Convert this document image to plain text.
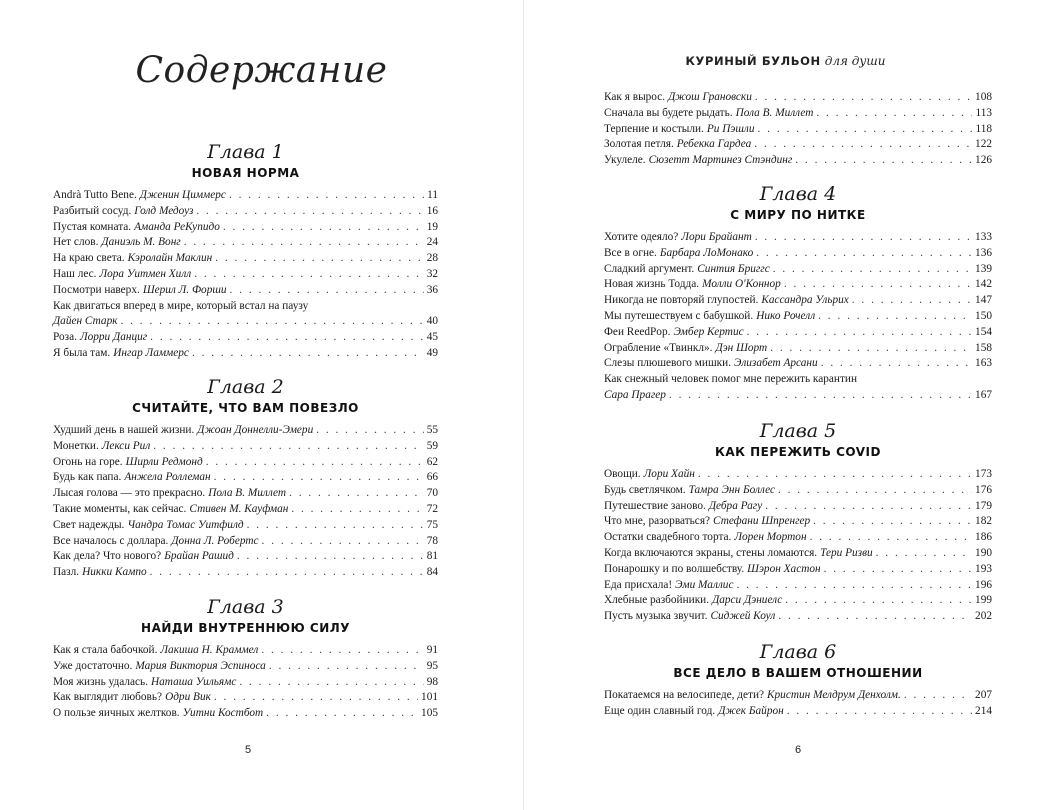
Содержание
Глава 1
НОВАЯ НОРМА
Andrà Tutto Bene. Дженин Циммерс . . .	11
Разбитый сосуд. Голд Медоуз . . .	16
Пустая комната. Аманда РеКупидо . . .	19
Нет слов. Даниэль М. Вонг . . .	24
На краю света. Кэролайн Маклин . . .	28
Наш лес. Лора Уитмен Хилл . . .	32
Посмотри наверх. Шерил Л. Форши . . .	36
Как двигаться вперед в мире, который встал на паузу
Дайен Старк . . .	40
Роза. Лорри Данциг . . .	45
Я была там. Ингар Ламмерс . . .	49
Глава 2
СЧИТАЙТЕ, ЧТО ВАМ ПОВЕЗЛО
Худший день в нашей жизни. Джоан Доннелли-Эмери . . .	55
Монетки. Лекси Рил . . .	59
Огонь на горе. Ширли Редмонд . . .	62
Будь как папа. Анжела Роллеман . . .	66
Лысая голова — это прекрасно. Пола В. Миллет . . .	70
Такие моменты, как сейчас. Стивен М. Кауфман . . .	72
Свет надежды. Чандра Томас Уитфилд . . .	75
Все началось с доллара. Донна Л. Робертс . . .	78
Как дела? Что нового? Брайан Рашид . . .	81
Пазл. Никки Кампо . . .	84
Глава 3
НАЙДИ ВНУТРЕННЮЮ СИЛУ
Как я стала бабочкой. Лакиша Н. Краммел . . .	91
Уже достаточно. Мария Виктория Эспиноса . . .	95
Моя жизнь удалась. Наташа Уильямс . . .	98
Как выглядит любовь? Одри Вик . . .	101
О пользе яичных желтков. Уитни Костбот . . .	105
5
КУРИНЫЙ БУЛЬОН для души
Как я вырос. Джош Грановски . . .	108
Сначала вы будете рыдать. Пола В. Миллет . . .	113
Терпение и костыли. Ри Пэшли . . .	118
Золотая петля. Ребекка Гардеа . . .	122
Укулеле. Сюзетт Мартинез Стэндинг . . .	126
Глава 4
С МИРУ ПО НИТКЕ
Хотите одеяло? Лори Брайант . . .	133
Все в огне. Барбара ЛоМонако . . .	136
Сладкий аргумент. Синтия Бриггс . . .	139
Новая жизнь Тодда. Молли О'Коннор . . .	142
Никогда не повторяй глупостей. Кассандра Ульрих . . .	147
Мы путешествуем с бабушкой. Нико Рочелл . . .	150
Феи ReedPop. Эмбер Кертис . . .	154
Ограбление «Твинкл». Дэн Шорт . . .	158
Слезы плюшевого мишки. Элизабет Арсани . . .	163
Как снежный человек помог мне пережить карантин
Сара Прагер . . .	167
Глава 5
КАК ПЕРЕЖИТЬ COVID
Овощи. Лори Хайн . . .	173
Будь светлячком. Тамра Энн Боллес . . .	176
Путешествие заново. Дебра Рагу . . .	179
Что мне, разорваться? Стефани Шпренгер . . .	182
Остатки свадебного торта. Лорен Мортон . . .	186
Когда включаются экраны, стены ломаются. Тери Ризви . . .	190
Понарошку и по волшебству. Шэрон Хастон . . .	193
Еда присхала! Эми Маллис . . .	196
Хлебные разбойники. Дарси Дэниелс . . .	199
Пусть музыка звучит. Сиджей Коул . . .	202
Глава 6
ВСЕ ДЕЛО В ВАШЕМ ОТНОШЕНИИ
Покатаемся на велосипеде, дети? Кристин Мелдрум Денхолм. . . .	207
Еще один славный год. Джек Байрон . . .	214
6
